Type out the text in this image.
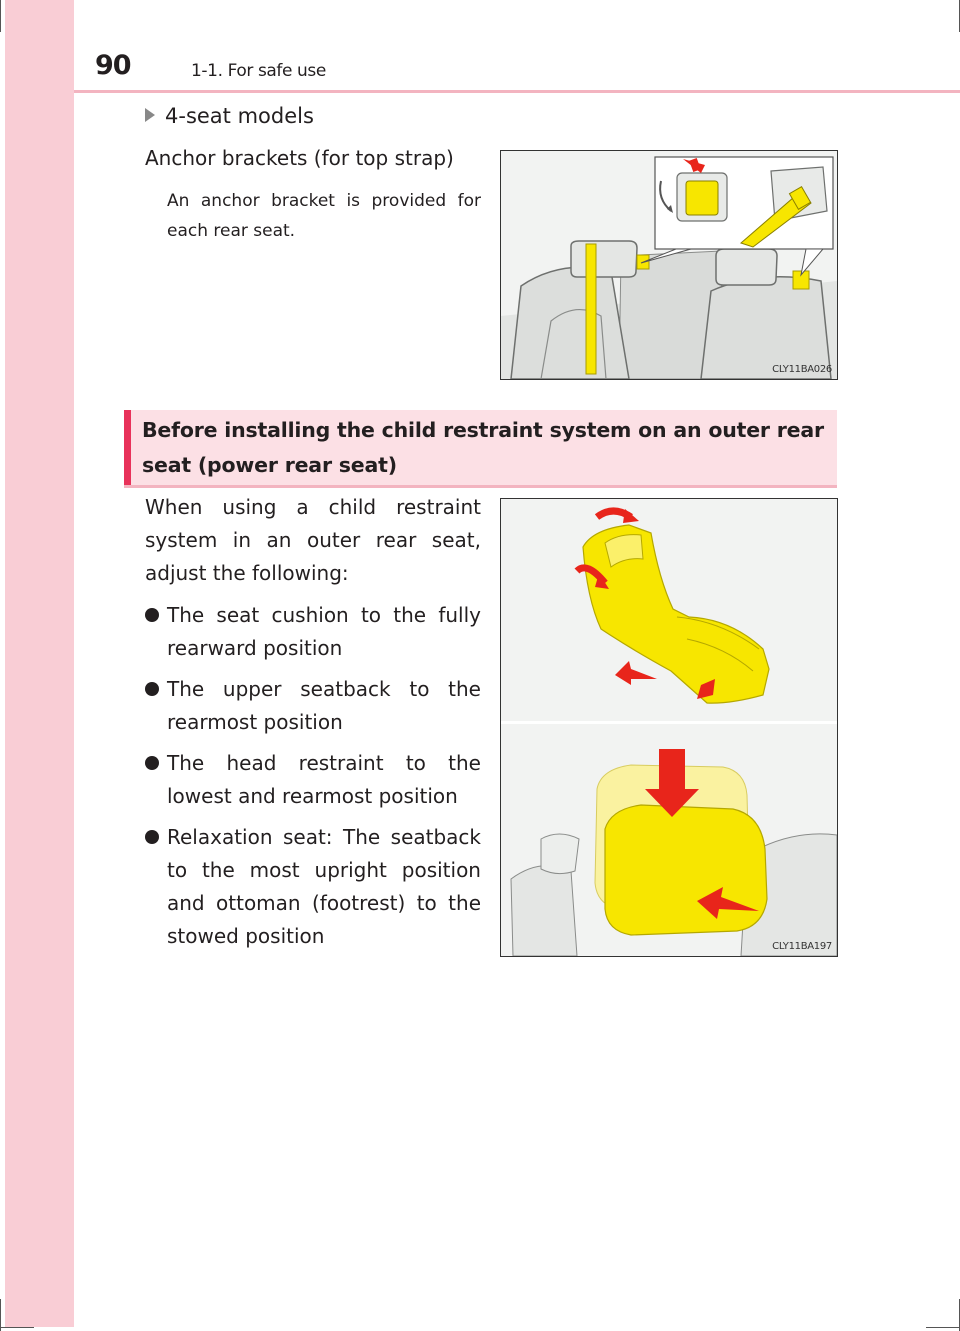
90	1-1. For safe use
4-seat models
Anchor brackets (for top strap)
An anchor bracket is provided for each rear seat.
CLY11BA026
Before installing the child restraint system on an outer rear seat (power rear seat)
When using a child restraint system in an outer rear seat, adjust the following:
The seat cushion to the fully rearward position
The upper seatback to the rearmost position
The head restraint to the lowest and rearmost position
Relaxation seat: The seatback to the most upright position and ottoman (footrest) to the stowed position	CLY11BA197
